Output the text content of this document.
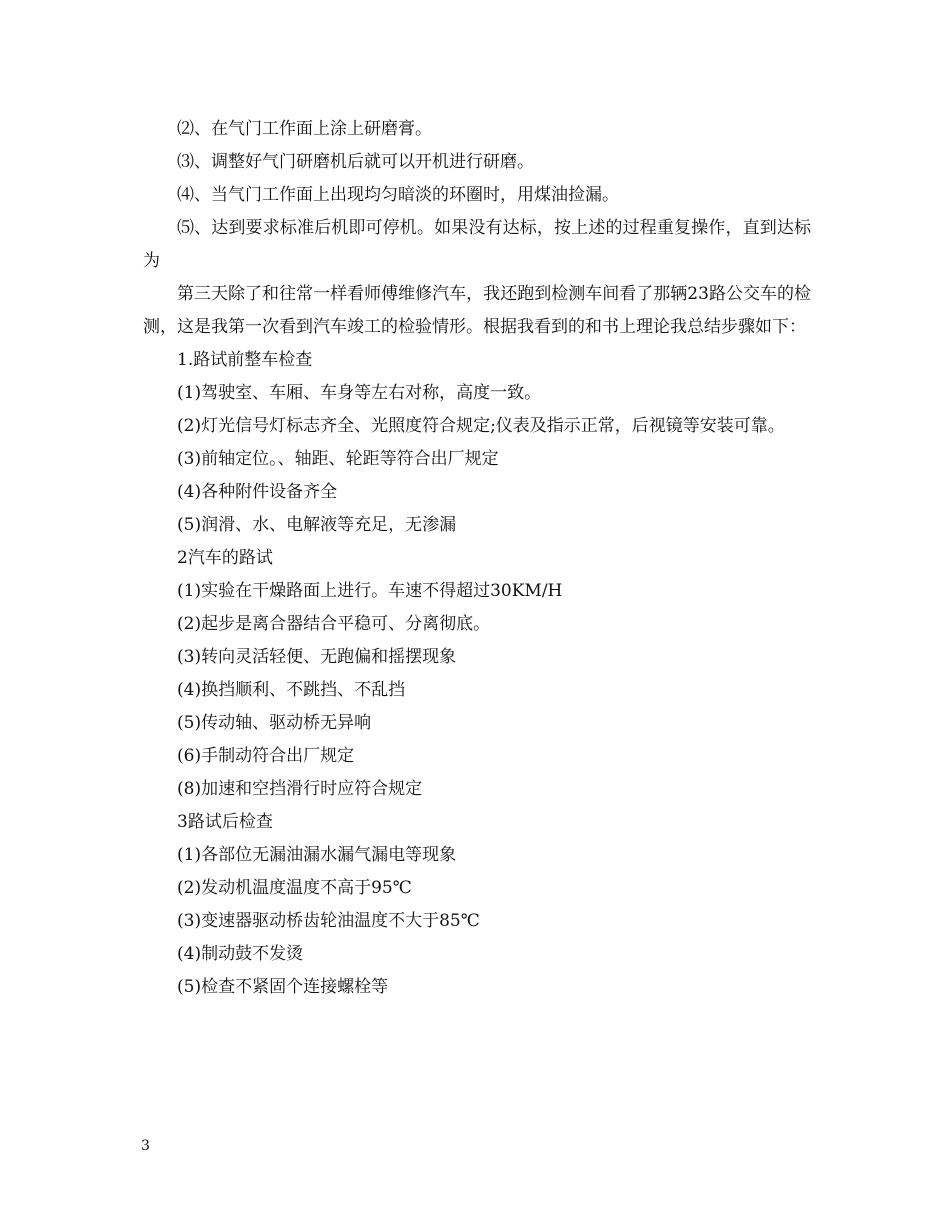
⑵、在气门工作面上涂上研磨膏。

⑶、调整好气门研磨机后就可以开机进行研磨。

⑷、当气门工作面上出现均匀暗淡的环圈时，用煤油捡漏。

⑸、达到要求标准后机即可停机。如果没有达标，按上述的过程重复操作，直到达标为

第三天除了和往常一样看师傅维修汽车，我还跑到检测车间看了那辆23路公交车的检测，这是我第一次看到汽车竣工的检验情形。根据我看到的和书上理论我总结步骤如下：

1.路试前整车检查

(1)驾驶室、车厢、车身等左右对称，高度一致。

(2)灯光信号灯标志齐全、光照度符合规定;仪表及指示正常，后视镜等安装可靠。

(3)前轴定位。、轴距、轮距等符合出厂规定

(4)各种附件设备齐全

(5)润滑、水、电解液等充足，无渗漏

2汽车的路试

(1)实验在干燥路面上进行。车速不得超过30KM/H

(2)起步是离合器结合平稳可、分离彻底。

(3)转向灵活轻便、无跑偏和摇摆现象

(4)换挡顺利、不跳挡、不乱挡

(5)传动轴、驱动桥无异响

(6)手制动符合出厂规定

(8)加速和空挡滑行时应符合规定

3路试后检查

(1)各部位无漏油漏水漏气漏电等现象

(2)发动机温度温度不高于95℃

(3)变速器驱动桥齿轮油温度不大于85℃

(4)制动鼓不发烫

(5)检查不紧固个连接螺栓等

3
